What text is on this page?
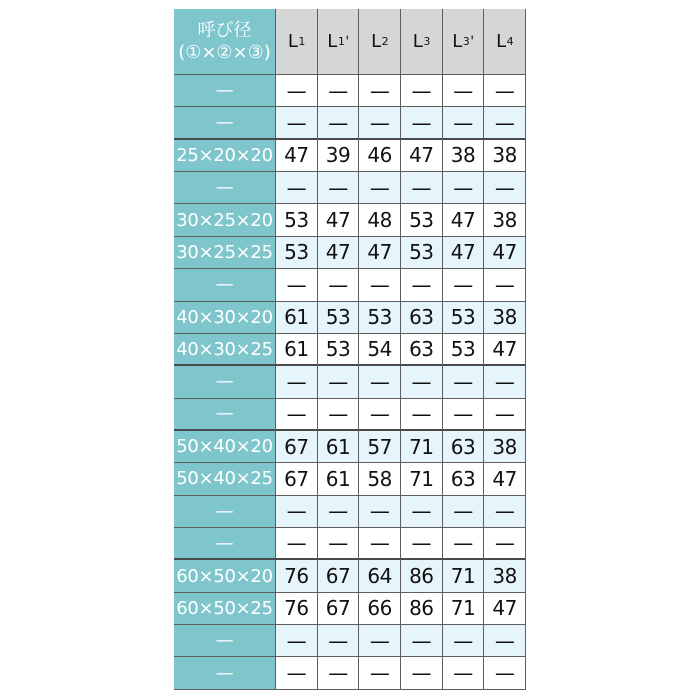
呼び径
(①×②×③) L 1 L 1 ' L 2 L 3 L 3 ' L 4
—	—	—	—	—	—	—
—	—	—	—	—	—	—
25×20×20 47 39 46 47 38 38
—	—	—	—	—	—	—
30×25×20 53 47 48 53 47 38
30×25×25 53 47 47 53 47 47
—	—	—	—	—	—	—
40×30×20 61 53 53 63 53 38
40×30×25 61 53 54 63 53 47
—	—	—	—	—	—	—
—	—	—	—	—	—	—
50×40×20 67 61 57 71 63 38
50×40×25 67 61 58 71 63 47
—	—	—	—	—	—	—
—	—	—	—	—	—	—
60×50×20 76 67 64 86 71 38
60×50×25 76 67 66 86 71 47
—	—	—	—	—	—	—
—	—	—	—	—	—	—
